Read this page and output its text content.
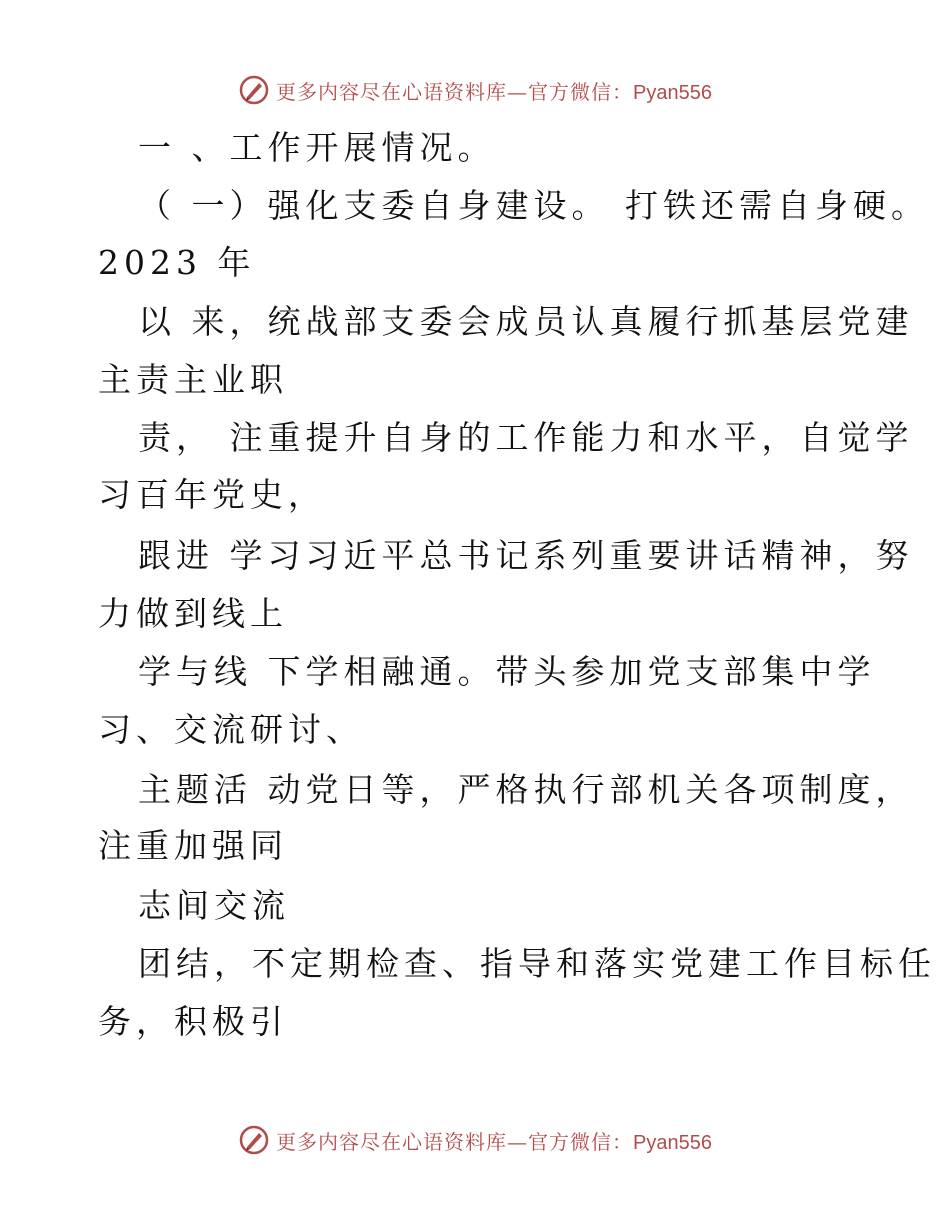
更多内容尽在心语资料库—官方微信：Pyan556
一 、工作开展情况。
（ 一）强化支委自身建设。 打铁还需自身硬。
2023 年
以 来，统战部支委会成员认真履行抓基层党建
主责主业职
责， 注重提升自身的工作能力和水平，自觉学
习百年党史，
跟进 学习习近平总书记系列重要讲话精神，努
力做到线上
学与线 下学相融通。带头参加党支部集中学
习、交流研讨、
主题活 动党日等，严格执行部机关各项制度，
注重加强同
志间交流
团结，不定期检查、指导和落实党建工作目标任
务，积极引
更多内容尽在心语资料库—官方微信：Pyan556
